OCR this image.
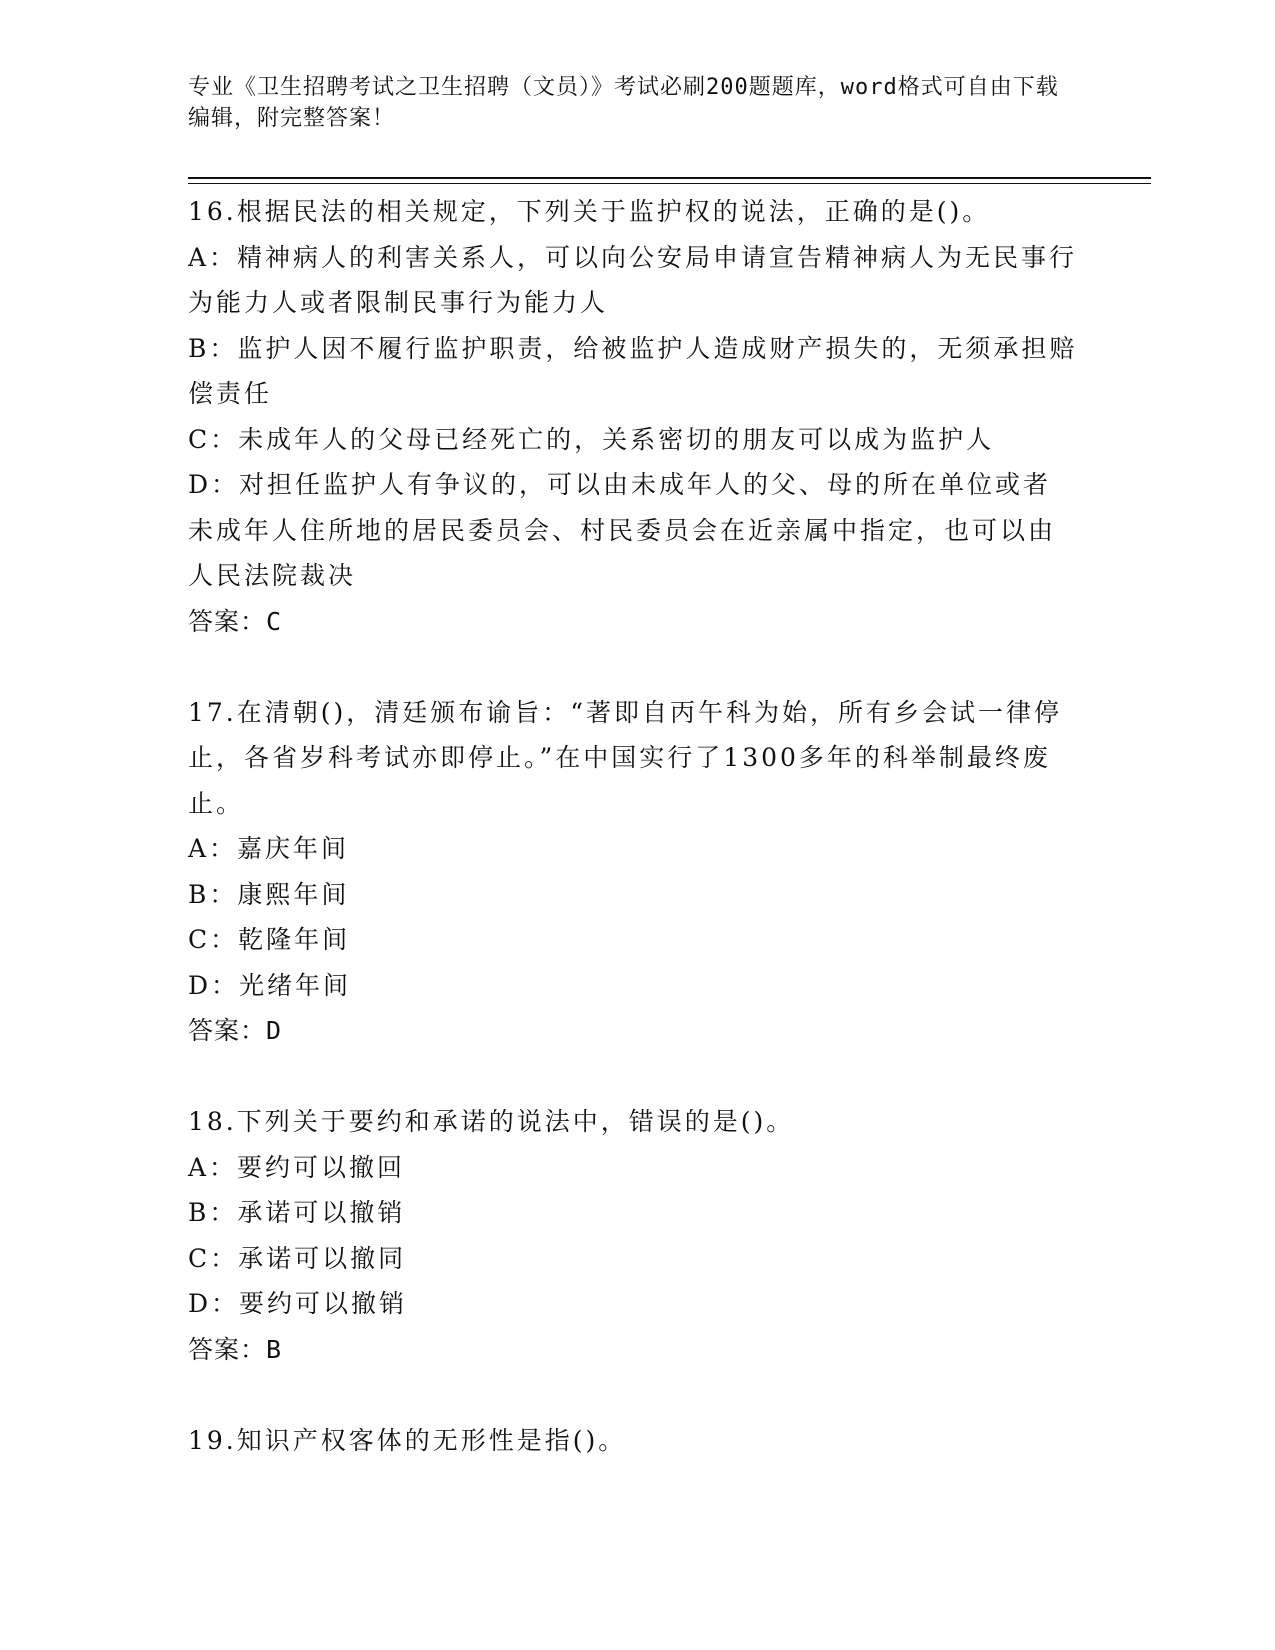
专业《卫生招聘考试之卫生招聘（文员）》考试必刷200题题库，word格式可自由下载编辑，附完整答案！

16.根据民法的相关规定，下列关于监护权的说法，正确的是()。

A：精神病人的利害关系人，可以向公安局申请宣告精神病人为无民事行为能力人或者限制民事行为能力人

B：监护人因不履行监护职责，给被监护人造成财产损失的，无须承担赔偿责任

C：未成年人的父母已经死亡的，关系密切的朋友可以成为监护人

D：对担任监护人有争议的，可以由未成年人的父、母的所在单位或者未成年人住所地的居民委员会、村民委员会在近亲属中指定，也可以由人民法院裁决

答案：C

17.在清朝()，清廷颁布谕旨：“著即自丙午科为始，所有乡会试一律停止，各省岁科考试亦即停止。”在中国实行了1300多年的科举制最终废止。

A：嘉庆年间

B：康熙年间

C：乾隆年间

D：光绪年间

答案：D

18.下列关于要约和承诺的说法中，错误的是()。

A：要约可以撤回

B：承诺可以撤销

C：承诺可以撤同

D：要约可以撤销

答案：B

19.知识产权客体的无形性是指()。
